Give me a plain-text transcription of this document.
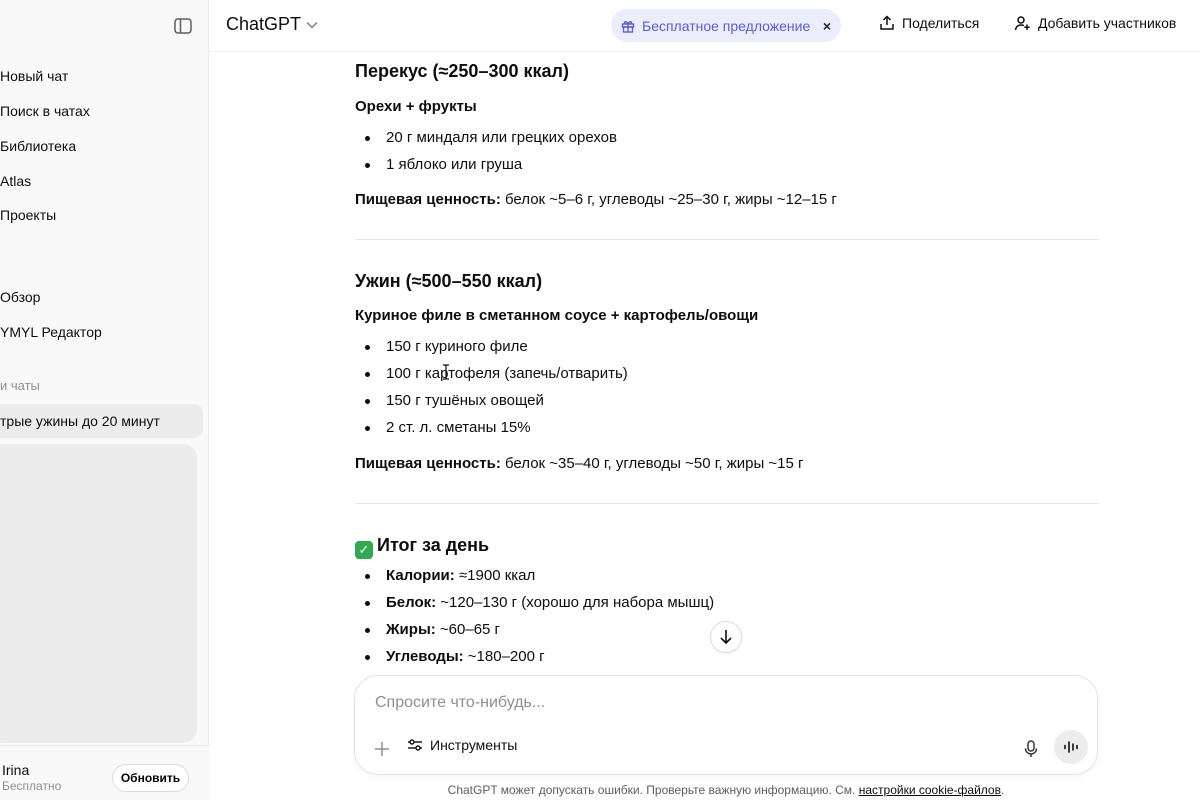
Новый чат
Поиск в чатах
Библиотека
Atlas
Проекты
Обзор
YMYL Редактор
и чаты
трые ужины до 20 минут
Irina
Бесплатно
Обновить
ChatGPT	Бесплатное предложение ×	Поделиться	Добавить участников
Перекус (≈250–300 ккал)
Орехи + фрукты
20 г миндаля или грецких орехов
1 яблоко или груша
Пищевая ценность: белок ~5–6 г, углеводы ~25–30 г, жиры ~12–15 г
Ужин (≈500–550 ккал)
Куриное филе в сметанном соусе + картофель/овощи
150 г куриного филе
100 г картофеля (запечь/отварить)
150 г тушёных овощей
2 ст. л. сметаны 15%
Пищевая ценность: белок ~35–40 г, углеводы ~50 г, жиры ~15 г
✓ Итог за день
Калории: ≈1900 ккал
Белок: ~120–130 г (хорошо для набора мышц)
Жиры: ~60–65 г
Углеводы: ~180–200 г
Спросите что-нибудь...
Инструменты
ChatGPT может допускать ошибки. Проверьте важную информацию. См. настройки cookie-файлов.
